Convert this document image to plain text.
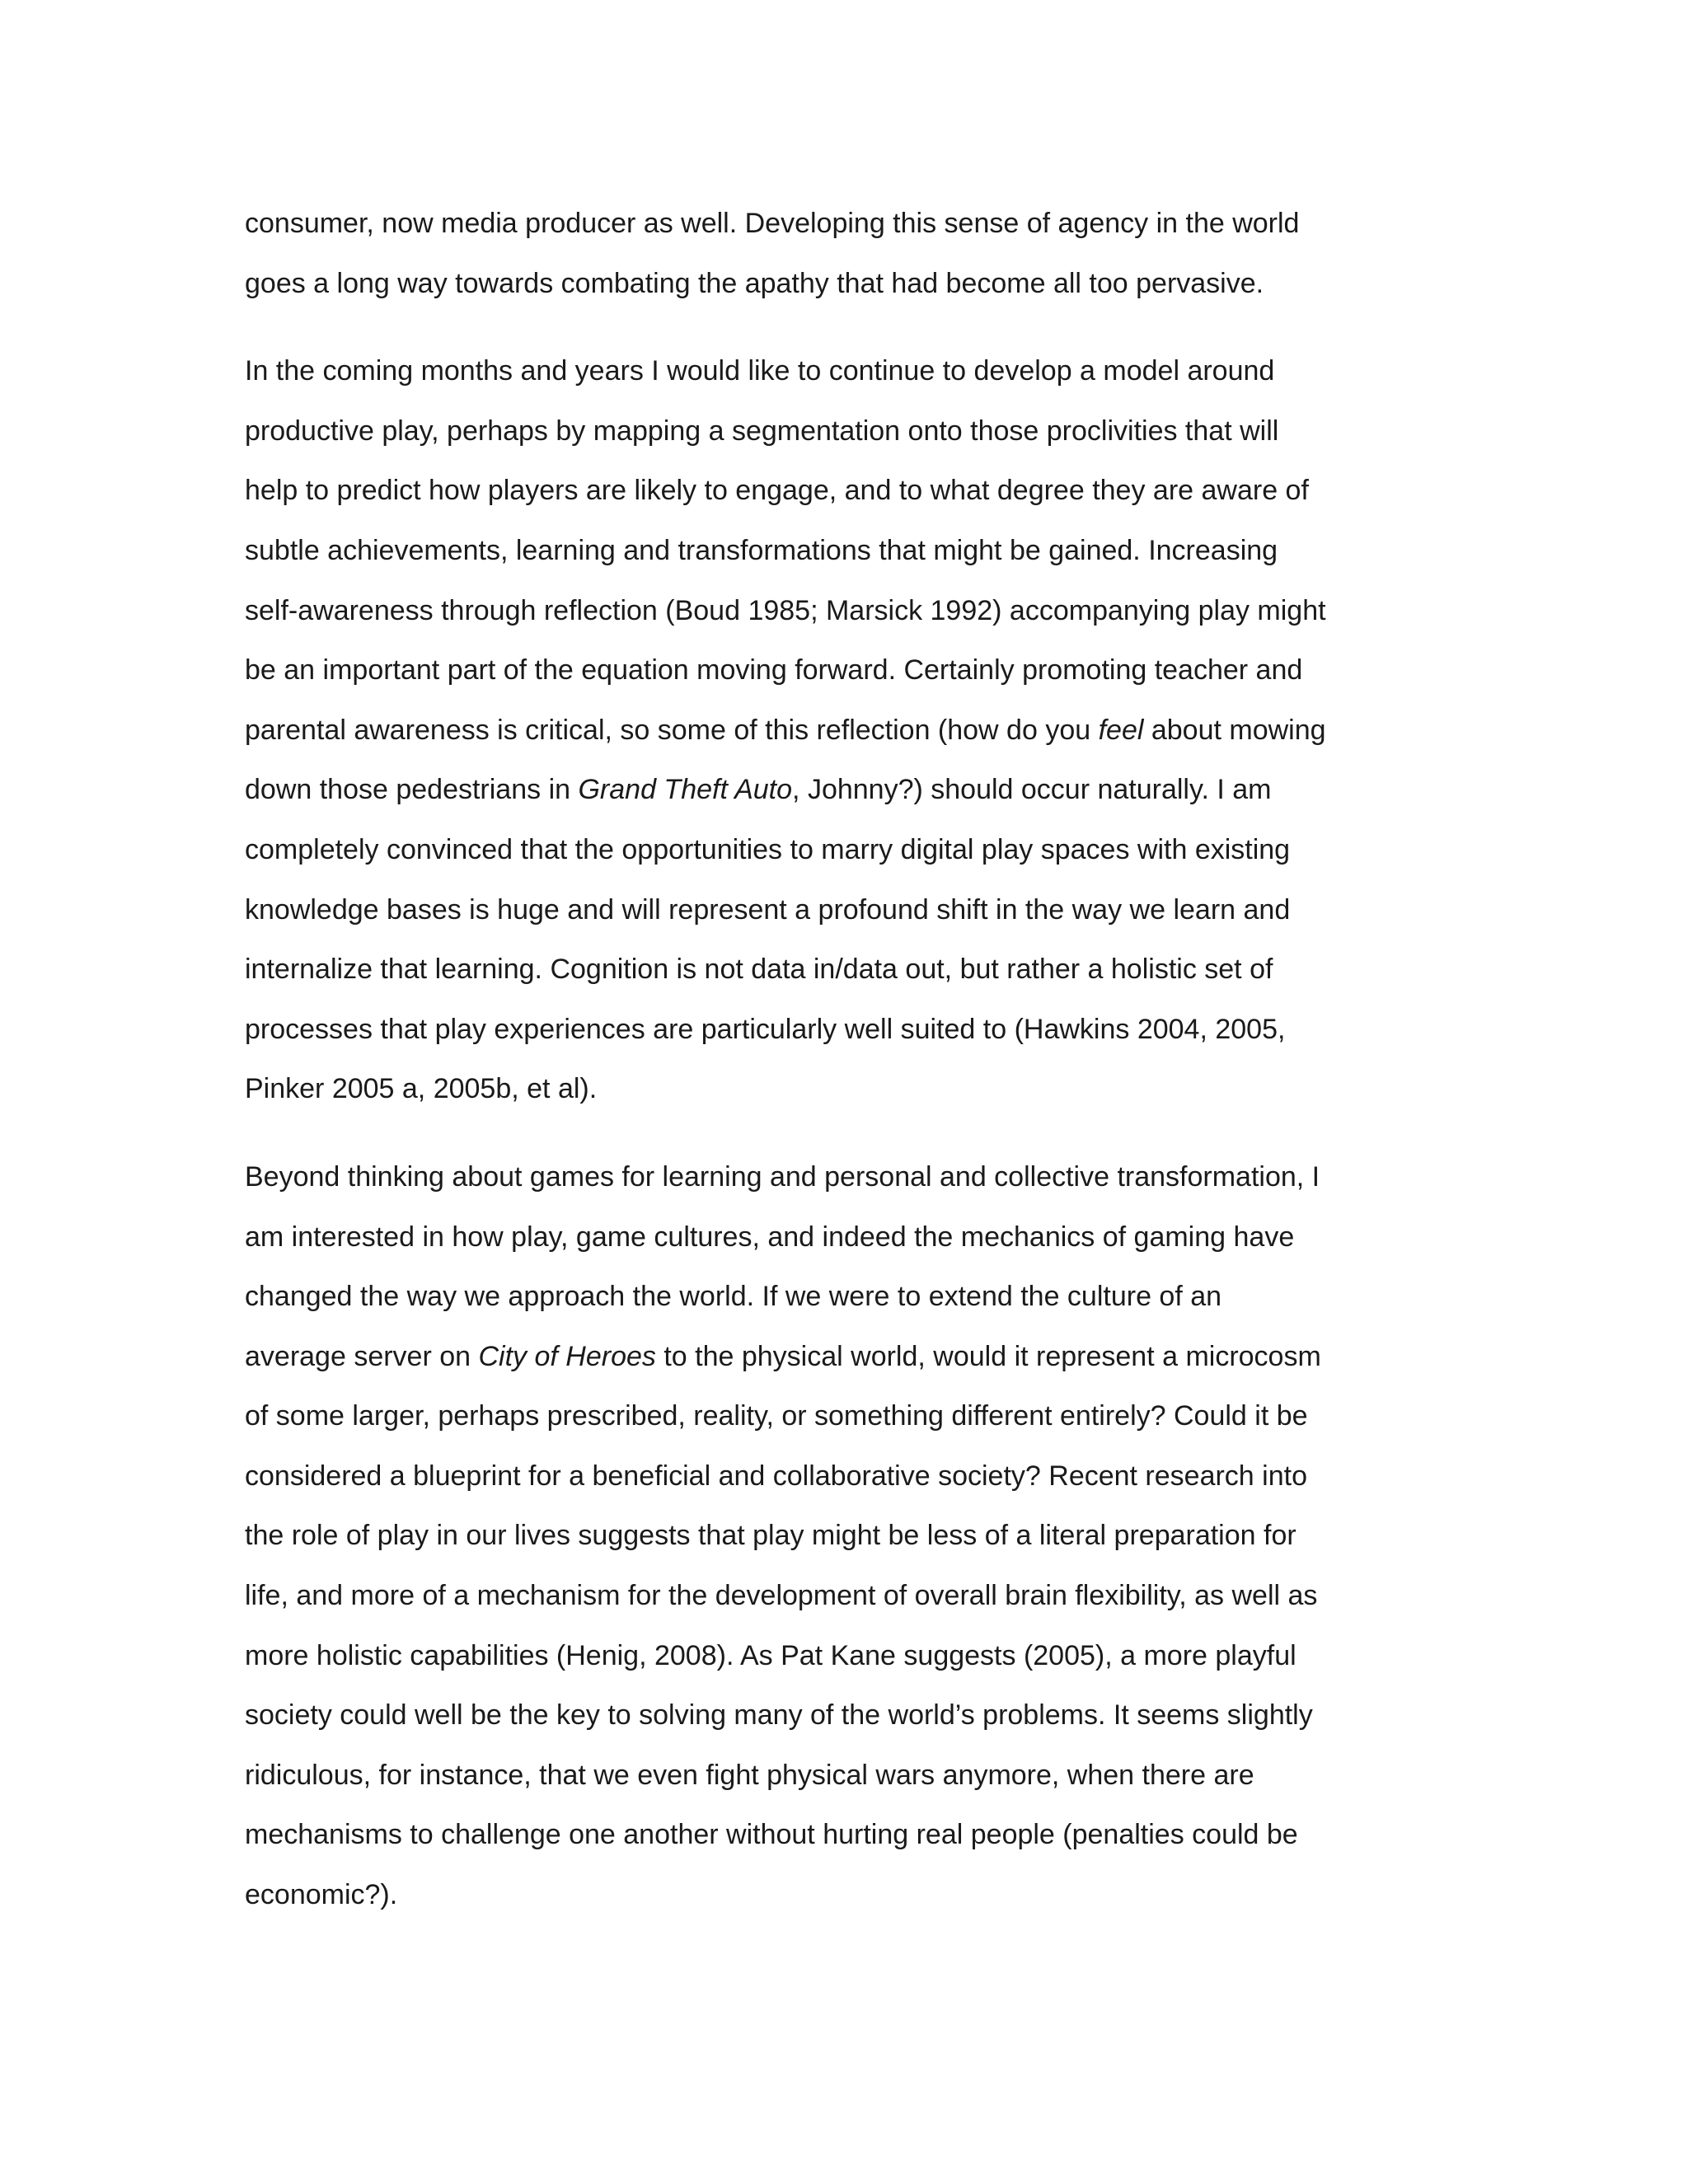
consumer, now media producer as well. Developing this sense of agency in the world
goes a long way towards combating the apathy that had become all too pervasive.
In the coming months and years I would like to continue to develop a model around
productive play, perhaps by mapping a segmentation onto those proclivities that will
help to predict how players are likely to engage, and to what degree they are aware of
subtle achievements, learning and transformations that might be gained. Increasing
self-awareness through reflection (Boud 1985; Marsick 1992) accompanying play might
be an important part of the equation moving forward. Certainly promoting teacher and
parental awareness is critical, so some of this reflection (how do you feel about mowing
down those pedestrians in Grand Theft Auto, Johnny?) should occur naturally. I am
completely convinced that the opportunities to marry digital play spaces with existing
knowledge bases is huge and will represent a profound shift in the way we learn and
internalize that learning. Cognition is not data in/data out, but rather a holistic set of
processes that play experiences are particularly well suited to (Hawkins 2004, 2005,
Pinker 2005 a, 2005b, et al).
Beyond thinking about games for learning and personal and collective transformation, I
am interested in how play, game cultures, and indeed the mechanics of gaming have
changed the way we approach the world. If we were to extend the culture of an
average server on City of Heroes to the physical world, would it represent a microcosm
of some larger, perhaps prescribed, reality, or something different entirely? Could it be
considered a blueprint for a beneficial and collaborative society? Recent research into
the role of play in our lives suggests that play might be less of a literal preparation for
life, and more of a mechanism for the development of overall brain flexibility, as well as
more holistic capabilities (Henig, 2008). As Pat Kane suggests (2005), a more playful
society could well be the key to solving many of the world’s problems. It seems slightly
ridiculous, for instance, that we even fight physical wars anymore, when there are
mechanisms to challenge one another without hurting real people (penalties could be
economic?).
